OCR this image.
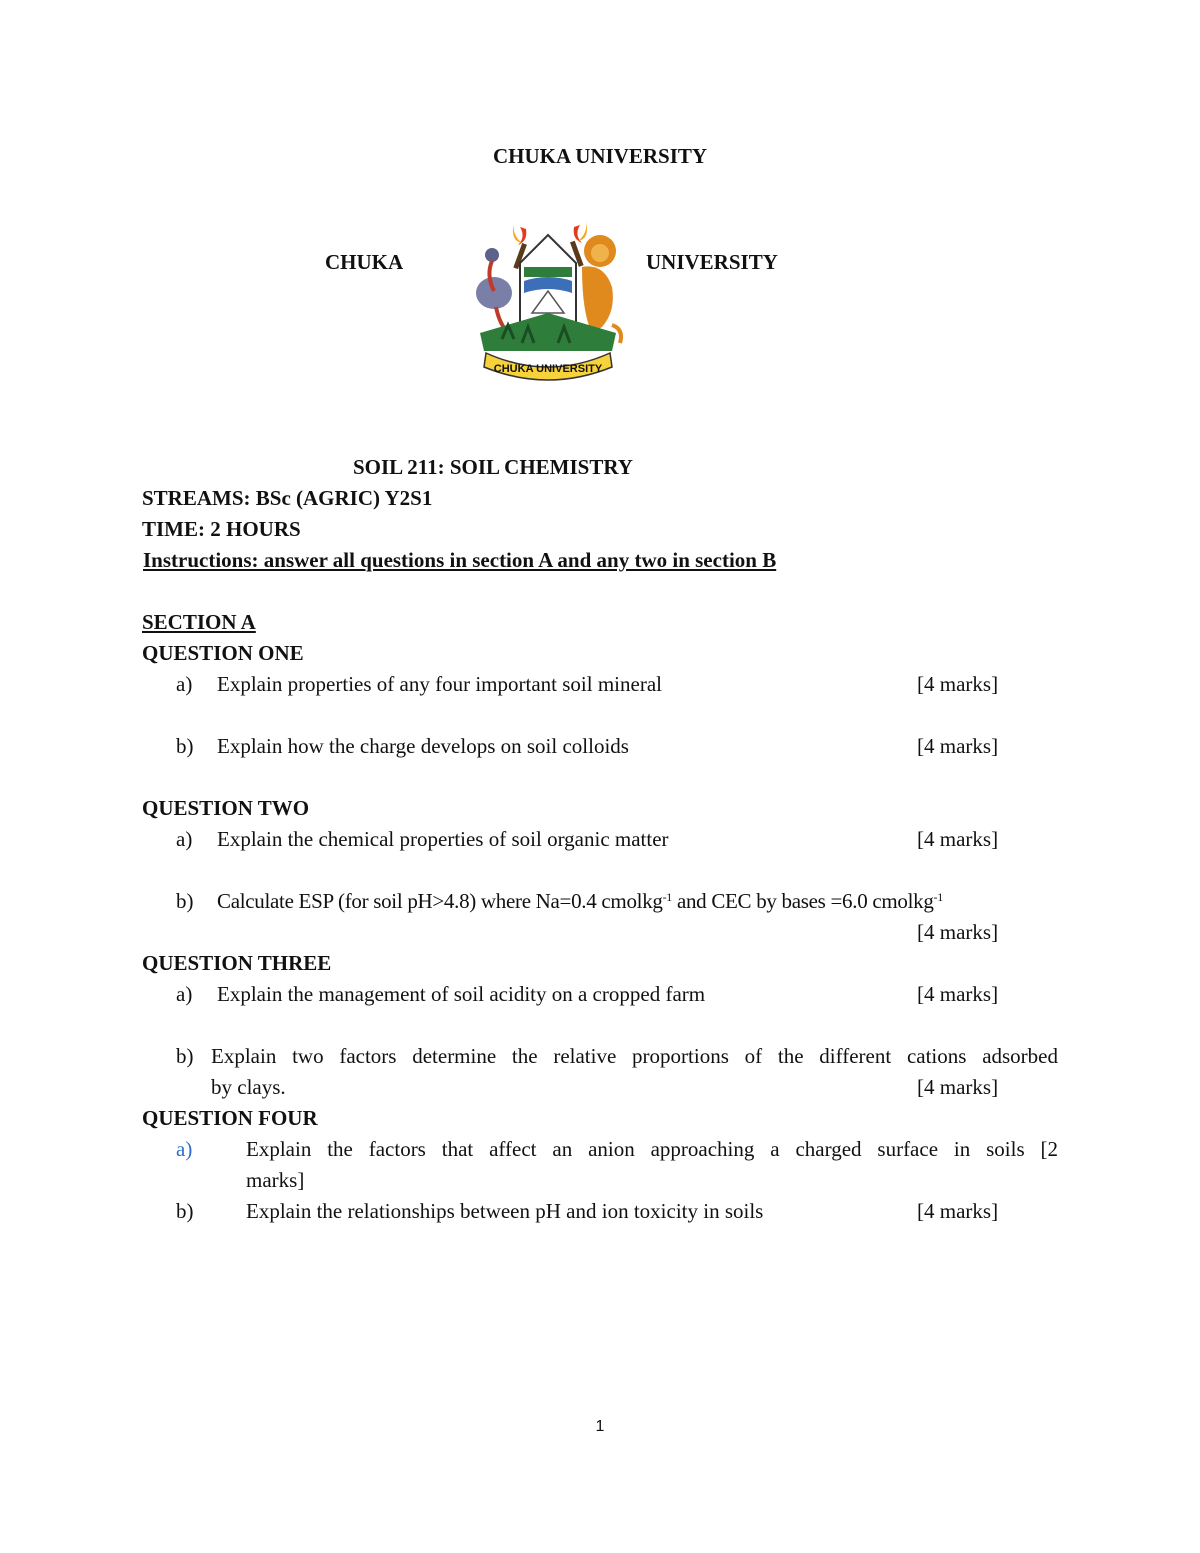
CHUKA UNIVERSITY
CHUKA	UNIVERSITY
CHUKA UNIVERSITY
SOIL 211: SOIL CHEMISTRY
STREAMS: BSc (AGRIC) Y2S1
TIME: 2 HOURS
Instructions: answer all questions in section A and any two in section B
SECTION A
QUESTION ONE
a) Explain properties of any four important soil mineral	[4 marks]
b) Explain how the charge develops on soil colloids	[4 marks]
QUESTION TWO
a) Explain the chemical properties of soil organic matter	[4 marks]
b) Calculate ESP (for soil pH>4.8) where Na=0.4 cmolkg$^{-1}$ and CEC by bases =6.0 cmolkg$^{-1}$
[4 marks]
QUESTION THREE
a) Explain the management of soil acidity on a cropped farm	[4 marks]
b) Explain two factors determine the relative proportions of the different cations adsorbed
by clays.	[4 marks]
QUESTION FOUR
a)	Explain the factors that affect an anion approaching a charged surface in soils [2
marks]
b)	Explain the relationships between pH and ion toxicity in soils	[4 marks]
1
